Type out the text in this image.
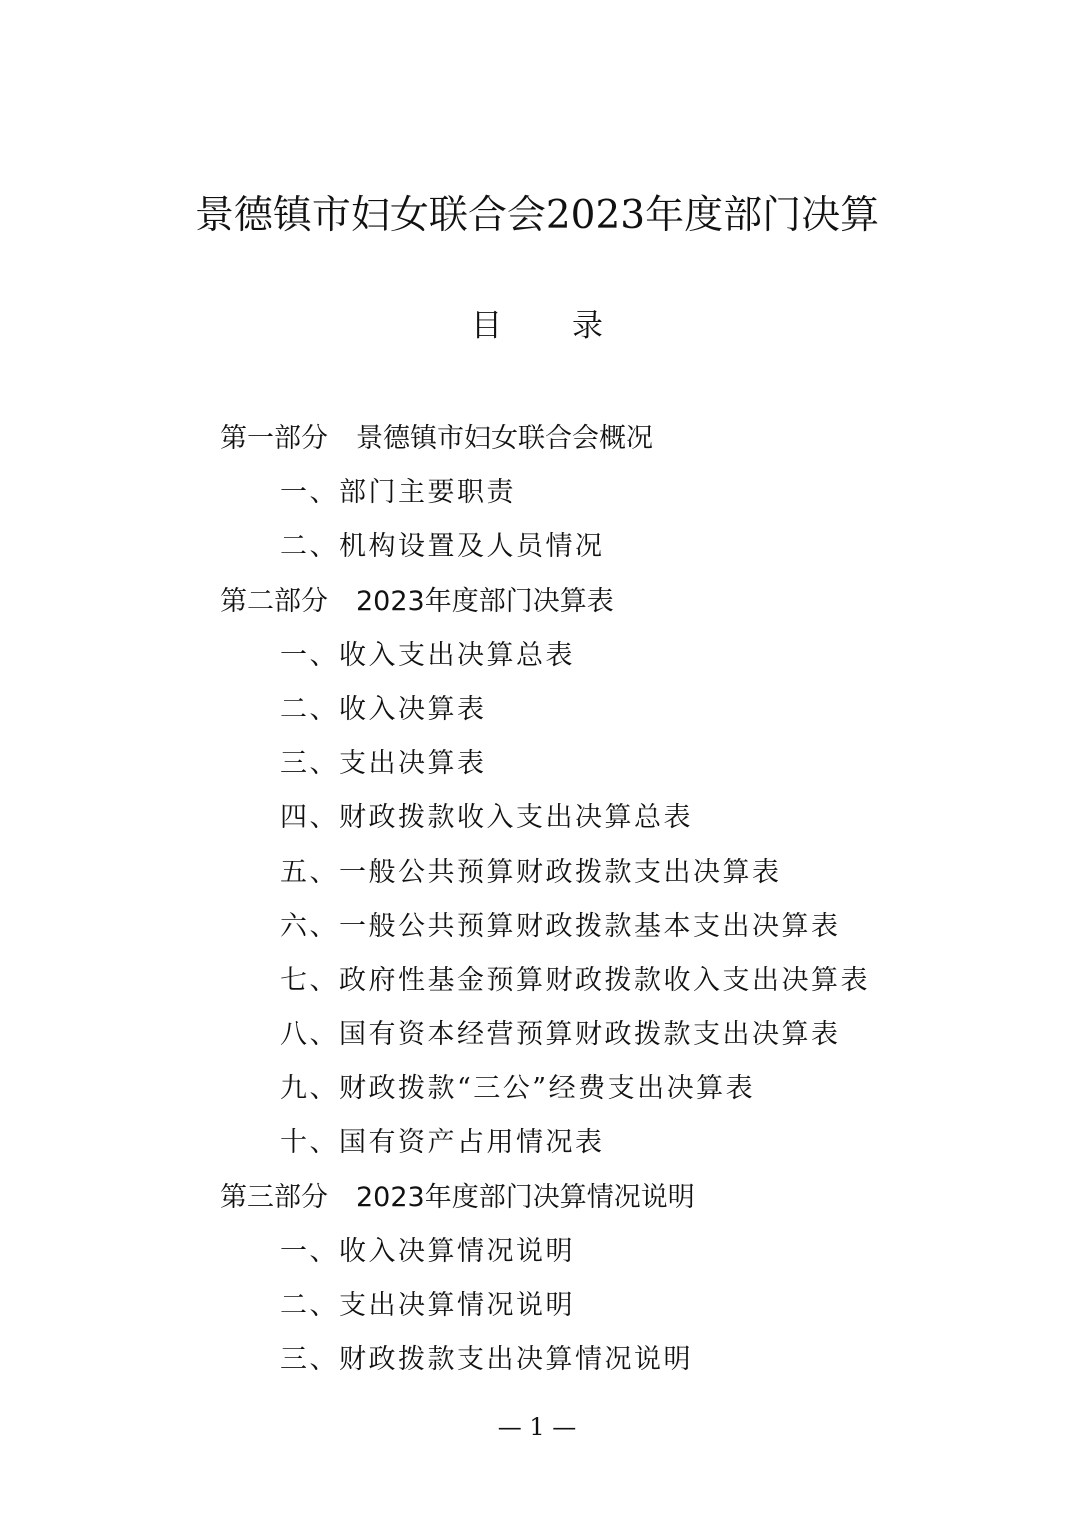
景德镇市妇女联合会2023年度部门决算
目 录
第一部分 景德镇市妇女联合会概况
一、部门主要职责
二、机构设置及人员情况
第二部分 2023年度部门决算表
一、收入支出决算总表
二、收入决算表
三、支出决算表
四、财政拨款收入支出决算总表
五、一般公共预算财政拨款支出决算表
六、一般公共预算财政拨款基本支出决算表
七、政府性基金预算财政拨款收入支出决算表
八、国有资本经营预算财政拨款支出决算表
九、财政拨款“三公”经费支出决算表
十、国有资产占用情况表
第三部分 2023年度部门决算情况说明
一、收入决算情况说明
二、支出决算情况说明
三、财政拨款支出决算情况说明
— 1 —
